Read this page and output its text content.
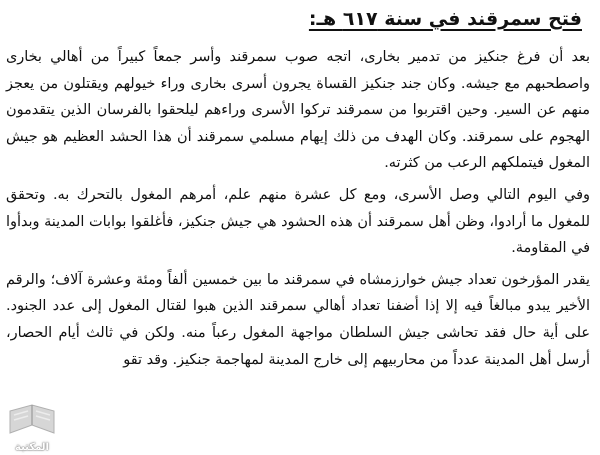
فتح سمرقند في سنة ٦١٧ هـ:

بعد أن فرغ جنكيز من تدمير بخارى، اتجه صوب سمرقند وأسر جمعاً كبيراً من أهالي بخارى واصطحبهم مع جيشه. وكان جند جنكيز القساة يجرون أسرى بخارى وراء خيولهم ويقتلون من يعجز منهم عن السير. وحين اقتربوا من سمرقند تركوا الأسرى وراءهم ليلحقوا بالفرسان الذين يتقدمون الهجوم على سمرقند. وكان الهدف من ذلك إيهام مسلمي سمرقند أن هذا الحشد العظيم هو جيش المغول فيتملكهم الرعب من كثرته.

وفي اليوم التالي وصل الأسرى، ومع كل عشرة منهم علم، أمرهم المغول بالتحرك به. وتحقق للمغول ما أرادوا، وظن أهل سمرقند أن هذه الحشود هي جيش جنكيز، فأغلقوا بوابات المدينة وبدأوا في المقاومة.

يقدر المؤرخون تعداد جيش خوارزمشاه في سمرقند ما بين خمسين ألفاً ومئة وعشرة آلاف؛ والرقم الأخير يبدو مبالغاً فيه إلا إذا أضفنا تعداد أهالي سمرقند الذين هبوا لقتال المغول إلى عدد الجنود. على أية حال فقد تحاشى جيش السلطان مواجهة المغول رعباً منه. ولكن في ثالث أيام الحصار، أرسل أهل المدينة عدداً من محاربيهم إلى خارج المدينة لمهاجمة جنكيز. وقد تقو

المكتبة
